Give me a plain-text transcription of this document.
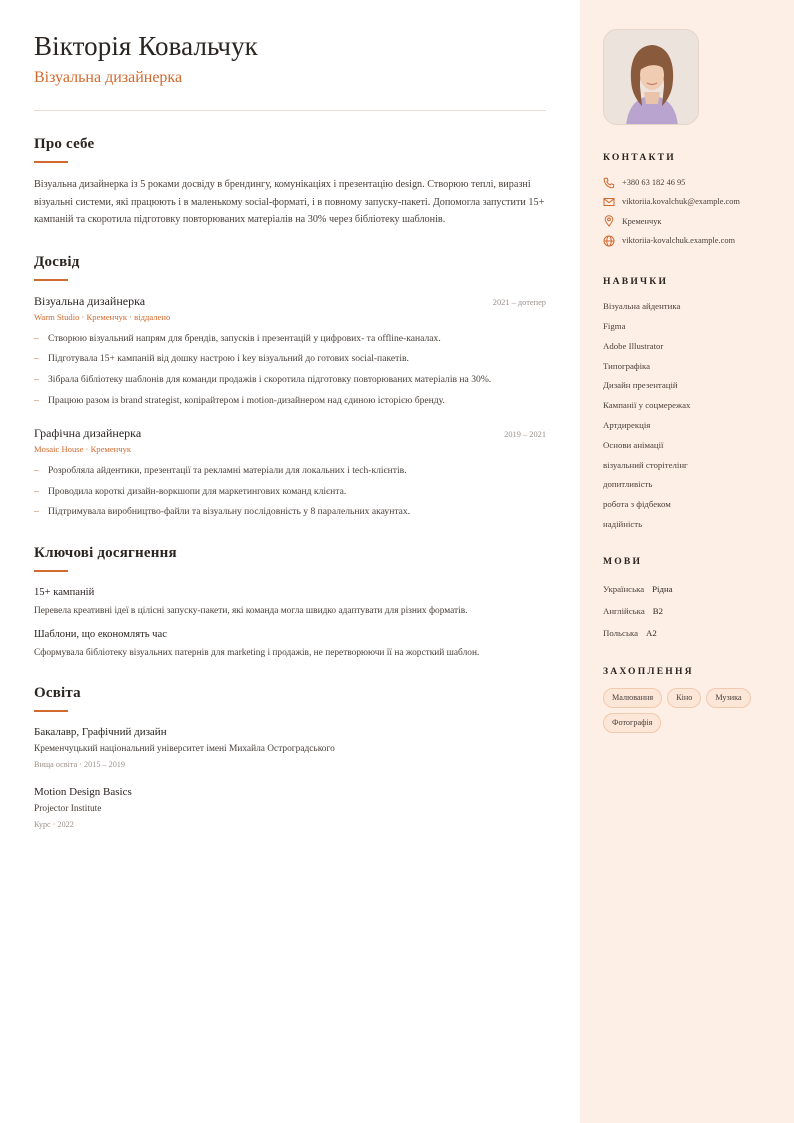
Вікторія Ковальчук
Візуальна дизайнерка
Про себе

Візуальна дизайнерка із 5 роками досвіду в брендингу, комунікаціях і презентацію design. Створюю теплі, виразні візуальні системи, які працюють і в маленькому social-форматі, і в повному запуску-пакеті. Допомогла запустити 15+ кампаній та скоротила підготовку повторюваних матеріалів на 30% через бібліотеку шаблонів.

Досвід
Візуальна дизайнерка	2021 – дотепер
Warm Studio · Кременчук · віддалено
– Створюю візуальний напрям для брендів, запусків і презентацій у цифрових- та offline-каналах.
– Підготувала 15+ кампаній від дошку настрою і key візуальний до готових social-пакетів.
– Зібрала бібліотеку шаблонів для команди продажів і скоротила підготовку повторюваних матеріалів на 30%.
– Працюю разом із brand strategist, копірайтером і motion-дизайнером над єдиною історією бренду.
Графічна дизайнерка	2019 – 2021
Mosaic House · Кременчук
– Розробляла айдентики, презентації та рекламні матеріали для локальних і tech-клієнтів.
– Проводила короткі дизайн-воркшопи для маркетингових команд клієнта.
– Підтримувала виробництво-файли та візуальну послідовність у 8 паралельних акаунтах.
Ключові досягнення
15+ кампаній
Перевела креативні ідеї в цілісні запуску-пакети, які команда могла швидко адаптувати для різних форматів.
Шаблони, що економлять час
Сформувала бібліотеку візуальних патернів для marketing і продажів, не перетворюючи її на жорсткий шаблон.
Освіта
Бакалавр, Графічний дизайн
Кременчуцький національний університет імені Михайла Остроградського
Вища освіта · 2015 – 2019
Motion Design Basics
Projector Institute
Курс · 2022
КОНТАКТИ
+380 63 182 46 95
viktoriia.kovalchuk@example.com
Кременчук
viktoriia-kovalchuk.example.com
НАВИЧКИ
Візуальна айдентика
Figma
Adobe Illustrator
Типографіка
Дизайн презентацій
Кампанії у соцмережах
Артдирекція
Основи анімації
візуальний сторітелінг
допитливість
робота з фідбеком
надійність
МОВИ
Українська Рідна
Англійська B2
Польська A2
ЗАХОПЛЕННЯ
Малювання	Кіно	Музика
Фотографія
